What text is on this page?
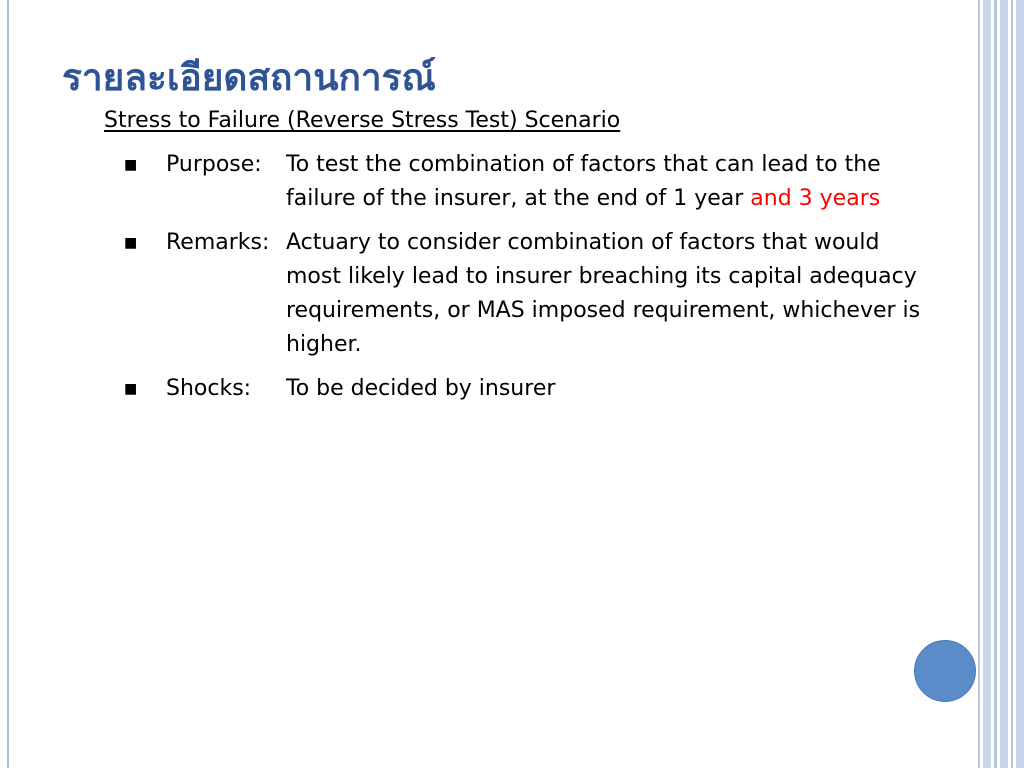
รายละเอียดสถานการณ์
Stress to Failure (Reverse Stress Test) Scenario
■	Purpose:	To test the combination of factors that can lead to the failure of the insurer, at the end of 1 year and 3 years
■	Remarks: Actuary to consider combination of factors that would most likely lead to insurer breaching its capital adequacy requirements, or MAS imposed requirement, whichever is higher.
■	Shocks:	To be decided by insurer
